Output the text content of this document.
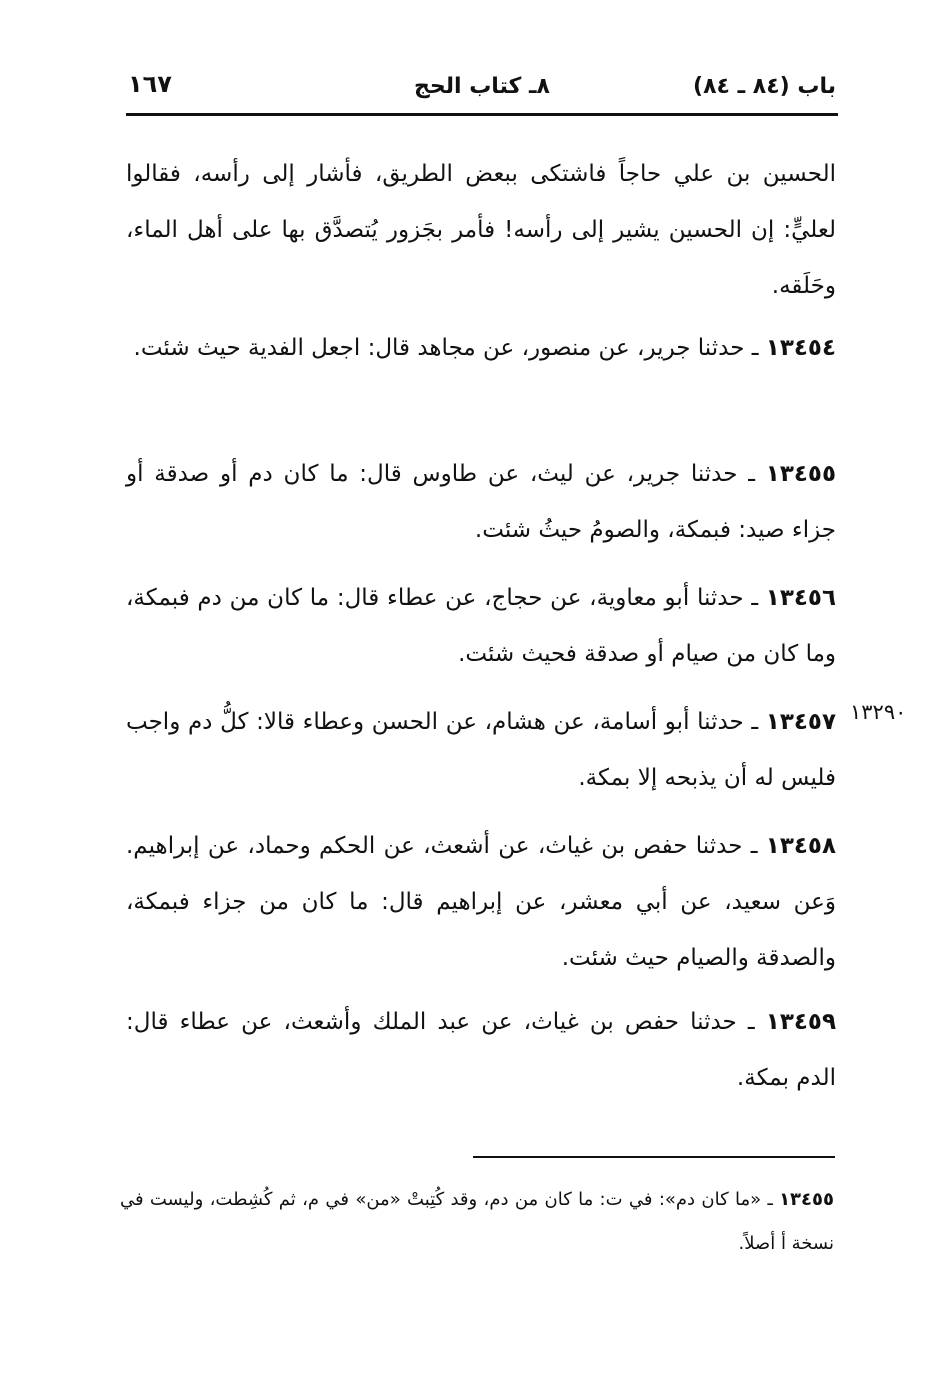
باب (٨٤ ـ ٨٤)
٨ـ كتاب الحج
١٦٧
الحسين بن علي حاجاً فاشتكى ببعض الطريق، فأشار إلى رأسه، فقالوا لعليٍّ: إن الحسين يشير إلى رأسه! فأمر بجَزور يُتصدَّق بها على أهل الماء، وحَلَقه.
١٣٤٥٤ ـ حدثنا جرير، عن منصور، عن مجاهد قال: اجعل الفدية حيث شئت.
١٣٤٥٥ ـ حدثنا جرير، عن ليث، عن طاوس قال: ما كان دم أو صدقة أو جزاء صيد: فبمكة، والصومُ حيثُ شئت.
١٣٤٥٦ ـ حدثنا أبو معاوية، عن حجاج، عن عطاء قال: ما كان من دم فبمكة، وما كان من صيام أو صدقة فحيث شئت.
١٣٤٥٧ ـ حدثنا أبو أسامة، عن هشام، عن الحسن وعطاء قالا: كلُّ دم واجب فليس له أن يذبحه إلا بمكة.
١٣٤٥٨ ـ حدثنا حفص بن غياث، عن أشعث، عن الحكم وحماد، عن إبراهيم. وَعن سعيد، عن أبي معشر، عن إبراهيم قال: ما كان من جزاء فبمكة، والصدقة والصيام حيث شئت.
١٣٤٥٩ ـ حدثنا حفص بن غياث، عن عبد الملك وأشعث، عن عطاء قال: الدم بمكة.
١٣٢٩٠
١٣٤٥٥ ـ «ما كان دم»: في ت: ما كان من دم، وقد كُتِبتْ «من» في م، ثم كُشِطت، وليست في نسخة أ أصلاً.
